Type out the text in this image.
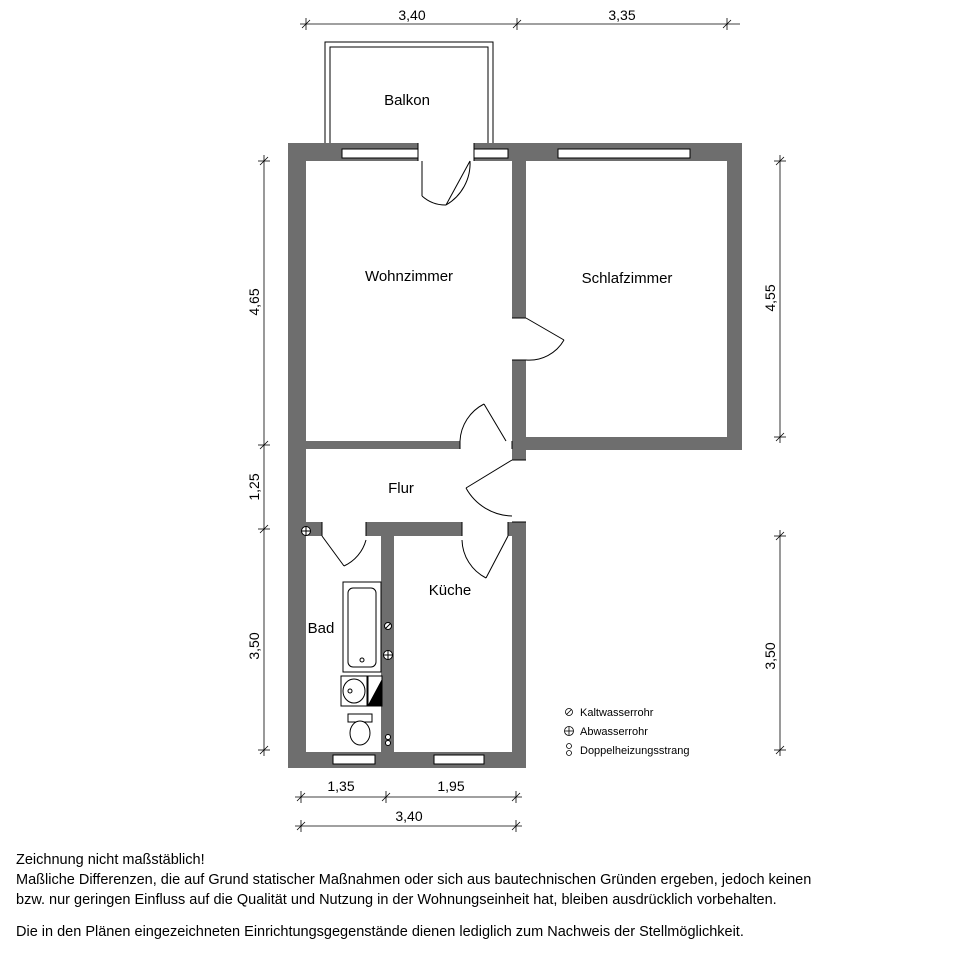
Balkon
Wohnzimmer	Schlafzimmer
Flur
Bad
Küche
3,40	3,35
4,65
1,25
3,50
4,55
3,50
1,35	1,95
3,40
Kaltwasserrohr
Abwasserrohr
Doppelheizungsstrang

Zeichnung nicht maßstäblich!

Maßliche Differenzen, die auf Grund statischer Maßnahmen oder sich aus bautechnischen Gründen ergeben, jedoch keinen

bzw. nur geringen Einfluss auf die Qualität und Nutzung in der Wohnungseinheit hat, bleiben ausdrücklich vorbehalten.

Die in den Plänen eingezeichneten Einrichtungsgegenstände dienen lediglich zum Nachweis der Stellmöglichkeit.
